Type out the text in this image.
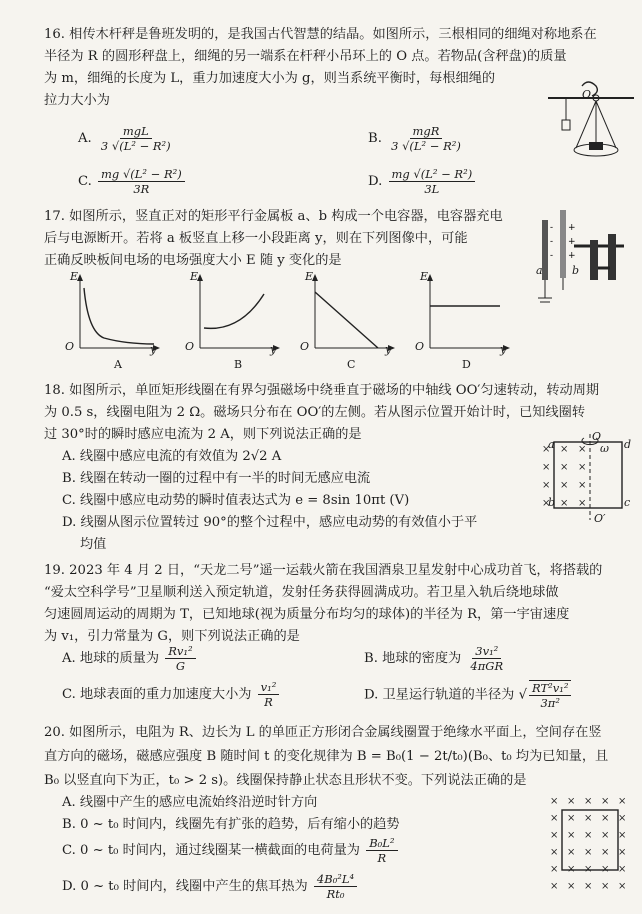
16. 相传木杆秤是鲁班发明的，是我国古代智慧的结晶。如图所示，三根相同的细绳对称地系在
半径为 R 的圆形秤盘上，细绳的另一端系在杆秤小吊环上的 O 点。若物品(含秤盘)的质量
为 m，细绳的长度为 L，重力加速度大小为 g，则当系统平衡时，每根细绳的
拉力大小为	O
A. $\frac{\text{mgL}}{\text{3 √(L² − R²)}}$	B. $\frac{\text{mgR}}{\text{3 √(L² − R²)}}$
C. $\frac{\text{mg √(L² − R²)}}{3R}$	D. $\frac{\text{mg √(L² − R²)}}{3L}$
17. 如图所示，竖直正对的矩形平行金属板 a、b 构成一个电容器，电容器充电
后与电源断开。若将 a 板竖直上移一小段距离 y，则在下列图像中，可能
正确反映板间电场的电场强度大小 E 随 y 变化的是
-
-
-
+
+
+
a	b
E
O	y
A
E
O	y
B
E
O	y
C
E
O	y
D
18. 如图所示，单匝矩形线圈在有界匀强磁场中绕垂直于磁场的中轴线 OO′匀速转动，转动周期
为 0.5 s，线圈电阻为 2 Ω。磁场只分布在 OO′的左侧。若从图示位置开始计时，已知线圈转
过 30°时的瞬时感应电流为 2 A，则下列说法正确的是
A. 线圈中感应电流的有效值为 2√2 A
B. 线圈在转动一圈的过程中有一半的时间无感应电流
C. 线圈中感应电动势的瞬时值表达式为 e = 8sin 10πt (V)
D. 线圈从图示位置转过 90°的整个过程中，感应电动势的有效值小于平
均值
×
×
×
×
×
×
×
×
×
×
×
×
O
ω
a
b	c
d
O′
19. 2023 年 4 月 2 日，“天龙二号”遥一运载火箭在我国酒泉卫星发射中心成功首飞，将搭载的
“爱太空科学号”卫星顺利送入预定轨道，发射任务获得圆满成功。若卫星入轨后绕地球做
匀速圆周运动的周期为 T，已知地球(视为质量分布均匀的球体)的半径为 R，第一宇宙速度
为 v₁，引力常量为 G，则下列说法正确的是
A. 地球的质量为 $\frac{\text{Rv₁²}}{G}$	B. 地球的密度为 $\frac{\text{3v₁²}}{\text{4πGR}}$
C. 地球表面的重力加速度大小为 $\frac{\text{v₁²}}{R}$	D. 卫星运行轨道的半径为 √ $\frac{\text{RT²v₁²}}{\text{3π²}}$
20. 如图所示，电阻为 R、边长为 L 的单匝正方形闭合金属线圈置于绝缘水平面上，空间存在竖
直方向的磁场，磁感应强度 B 随时间 t 的变化规律为 B = B₀(1 − 2t/t₀)(B₀、t₀ 均为已知量，且
B₀ 以竖直向下为正，t₀ > 2 s)。线圈保持静止状态且形状不变。下列说法正确的是
A. 线圈中产生的感应电流始终沿逆时针方向
B. 0 ~ t₀ 时间内，线圈先有扩张的趋势，后有缩小的趋势
C. 0 ~ t₀ 时间内，通过线圈某一横截面的电荷量为 $\frac{\text{B₀L²}}{R}$
D. 0 ~ t₀ 时间内，线圈中产生的焦耳热为 $\frac{\text{4B₀²L⁴}}{\text{Rt₀}}$
× × × × ×
× × × × ×
× × × × ×
× × × × ×
× × × × ×
× × × × ×
